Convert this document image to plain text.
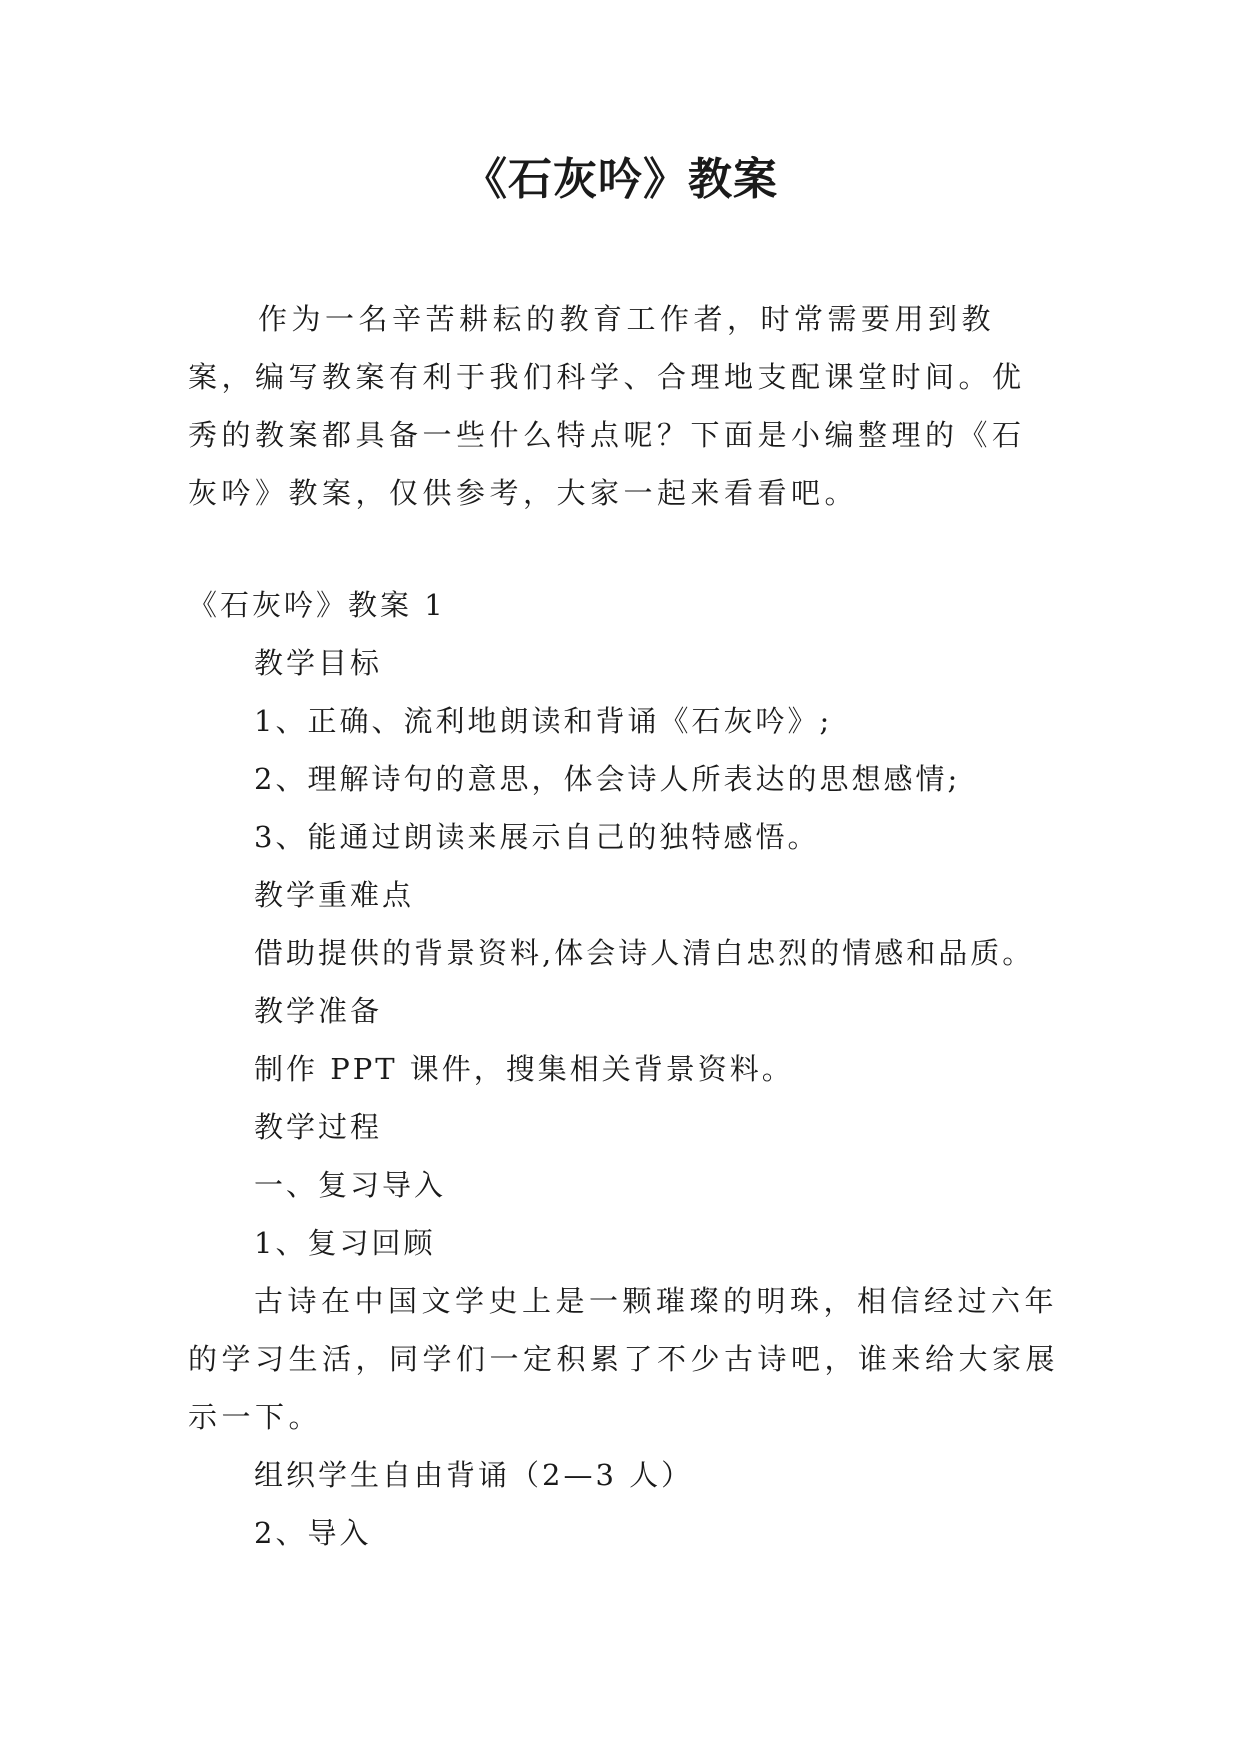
《石灰吟》教案

作为一名辛苦耕耘的教育工作者，时常需要用到教案，编写教案有利于我们科学、合理地支配课堂时间。优秀的教案都具备一些什么特点呢？下面是小编整理的《石灰吟》教案，仅供参考，大家一起来看看吧。

《石灰吟》教案 1

教学目标

1、正确、流利地朗读和背诵《石灰吟》;

2、理解诗句的意思，体会诗人所表达的思想感情;

3、能通过朗读来展示自己的独特感悟。

教学重难点

借助提供的背景资料,体会诗人清白忠烈的情感和品质。

教学准备

制作 PPT 课件，搜集相关背景资料。

教学过程

一、复习导入

1、复习回顾

古诗在中国文学史上是一颗璀璨的明珠，相信经过六年的学习生活，同学们一定积累了不少古诗吧，谁来给大家展示一下。

组织学生自由背诵（2—3 人）

2、导入
